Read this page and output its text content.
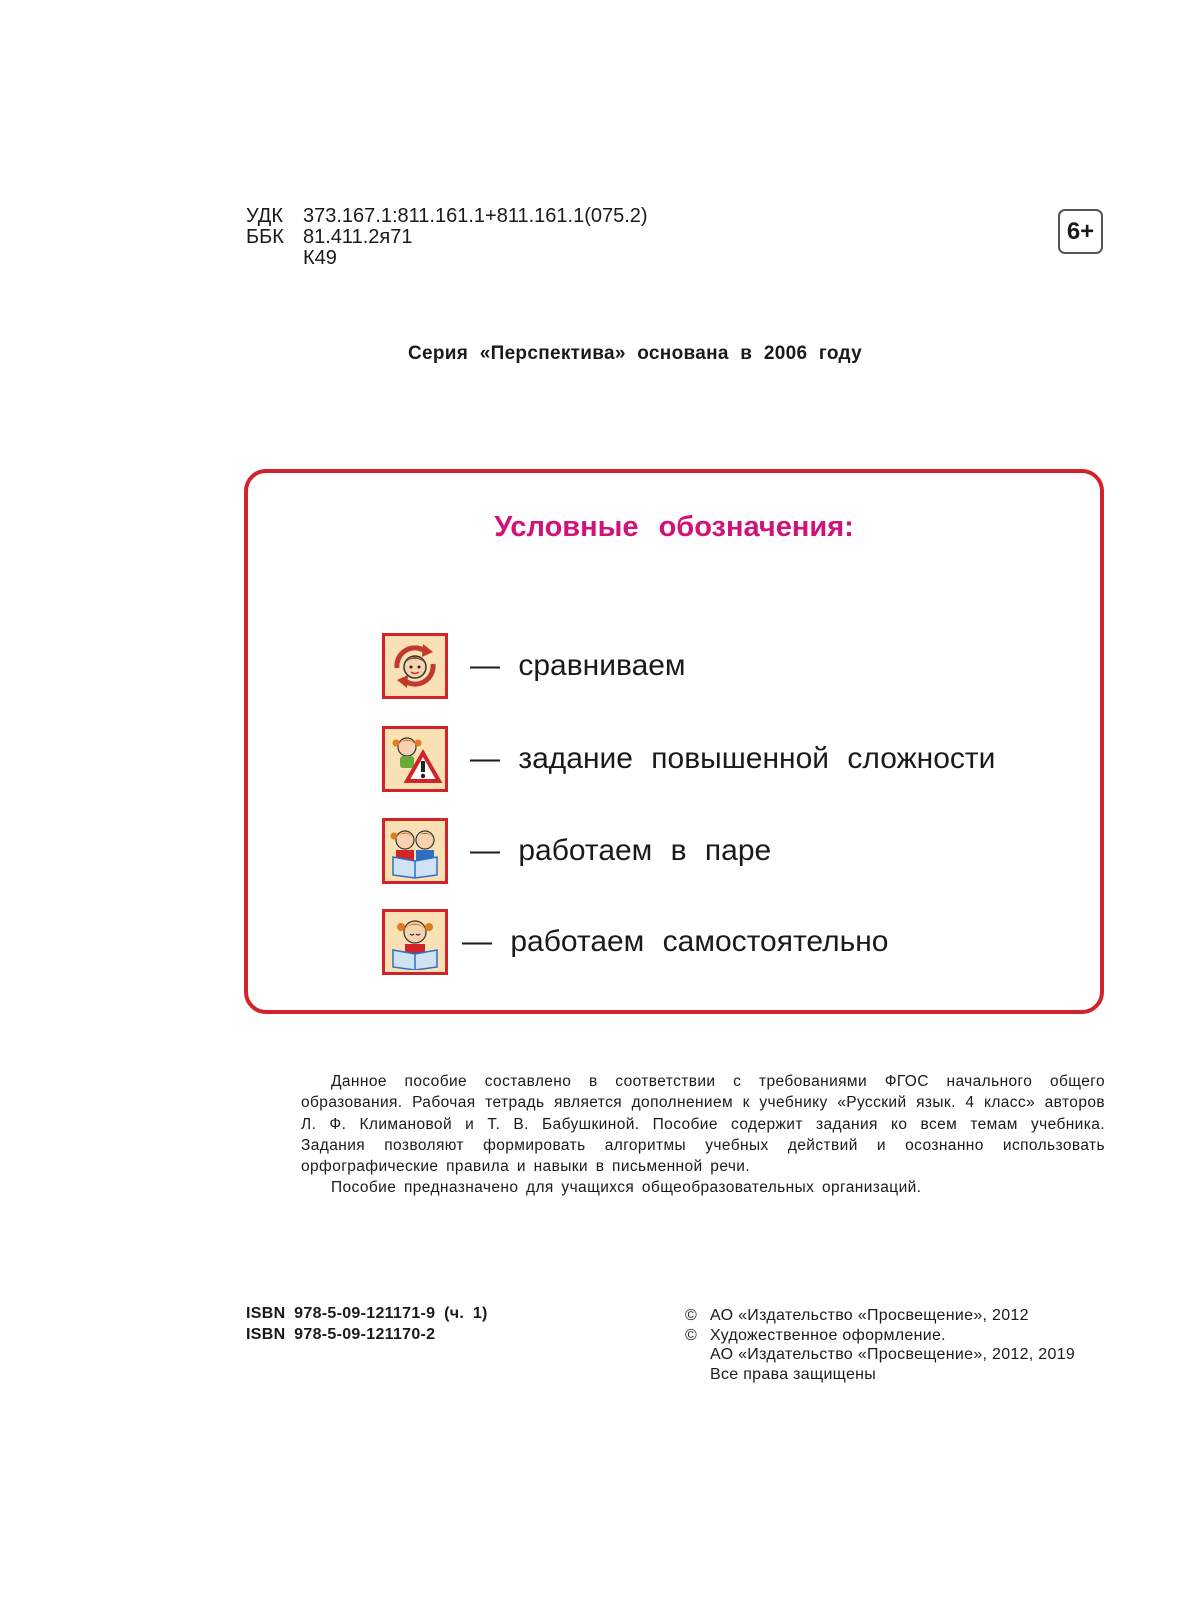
УДК 373.167.1:811.161.1+811.161.1(075.2)
ББК 81.411.2я71
К49
6+
Серия «Перспектива» основана в 2006 году
Условные обозначения:
— сравниваем
— задание повышенной сложности
— работаем в паре
— работаем самостоятельно

Данное пособие составлено в соответствии с требованиями ФГОС начального общего образования. Рабочая тетрадь является дополнением к учебнику «Русский язык. 4 класс» авторов Л. Ф. Климановой и Т. В. Бабушкиной. Пособие содержит задания ко всем темам учебника. Задания позволяют формировать алгоритмы учебных действий и осознанно использовать орфографические правила и навыки в письменной речи.

Пособие предназначено для учащихся общеобразовательных организаций.

ISBN 978-5-09-121171-9 (ч. 1)
ISBN 978-5-09-121170-2
© АО «Издательство «Просвещение», 2012
© Художественное оформление.
АО «Издательство «Просвещение», 2012, 2019
Все права защищены
